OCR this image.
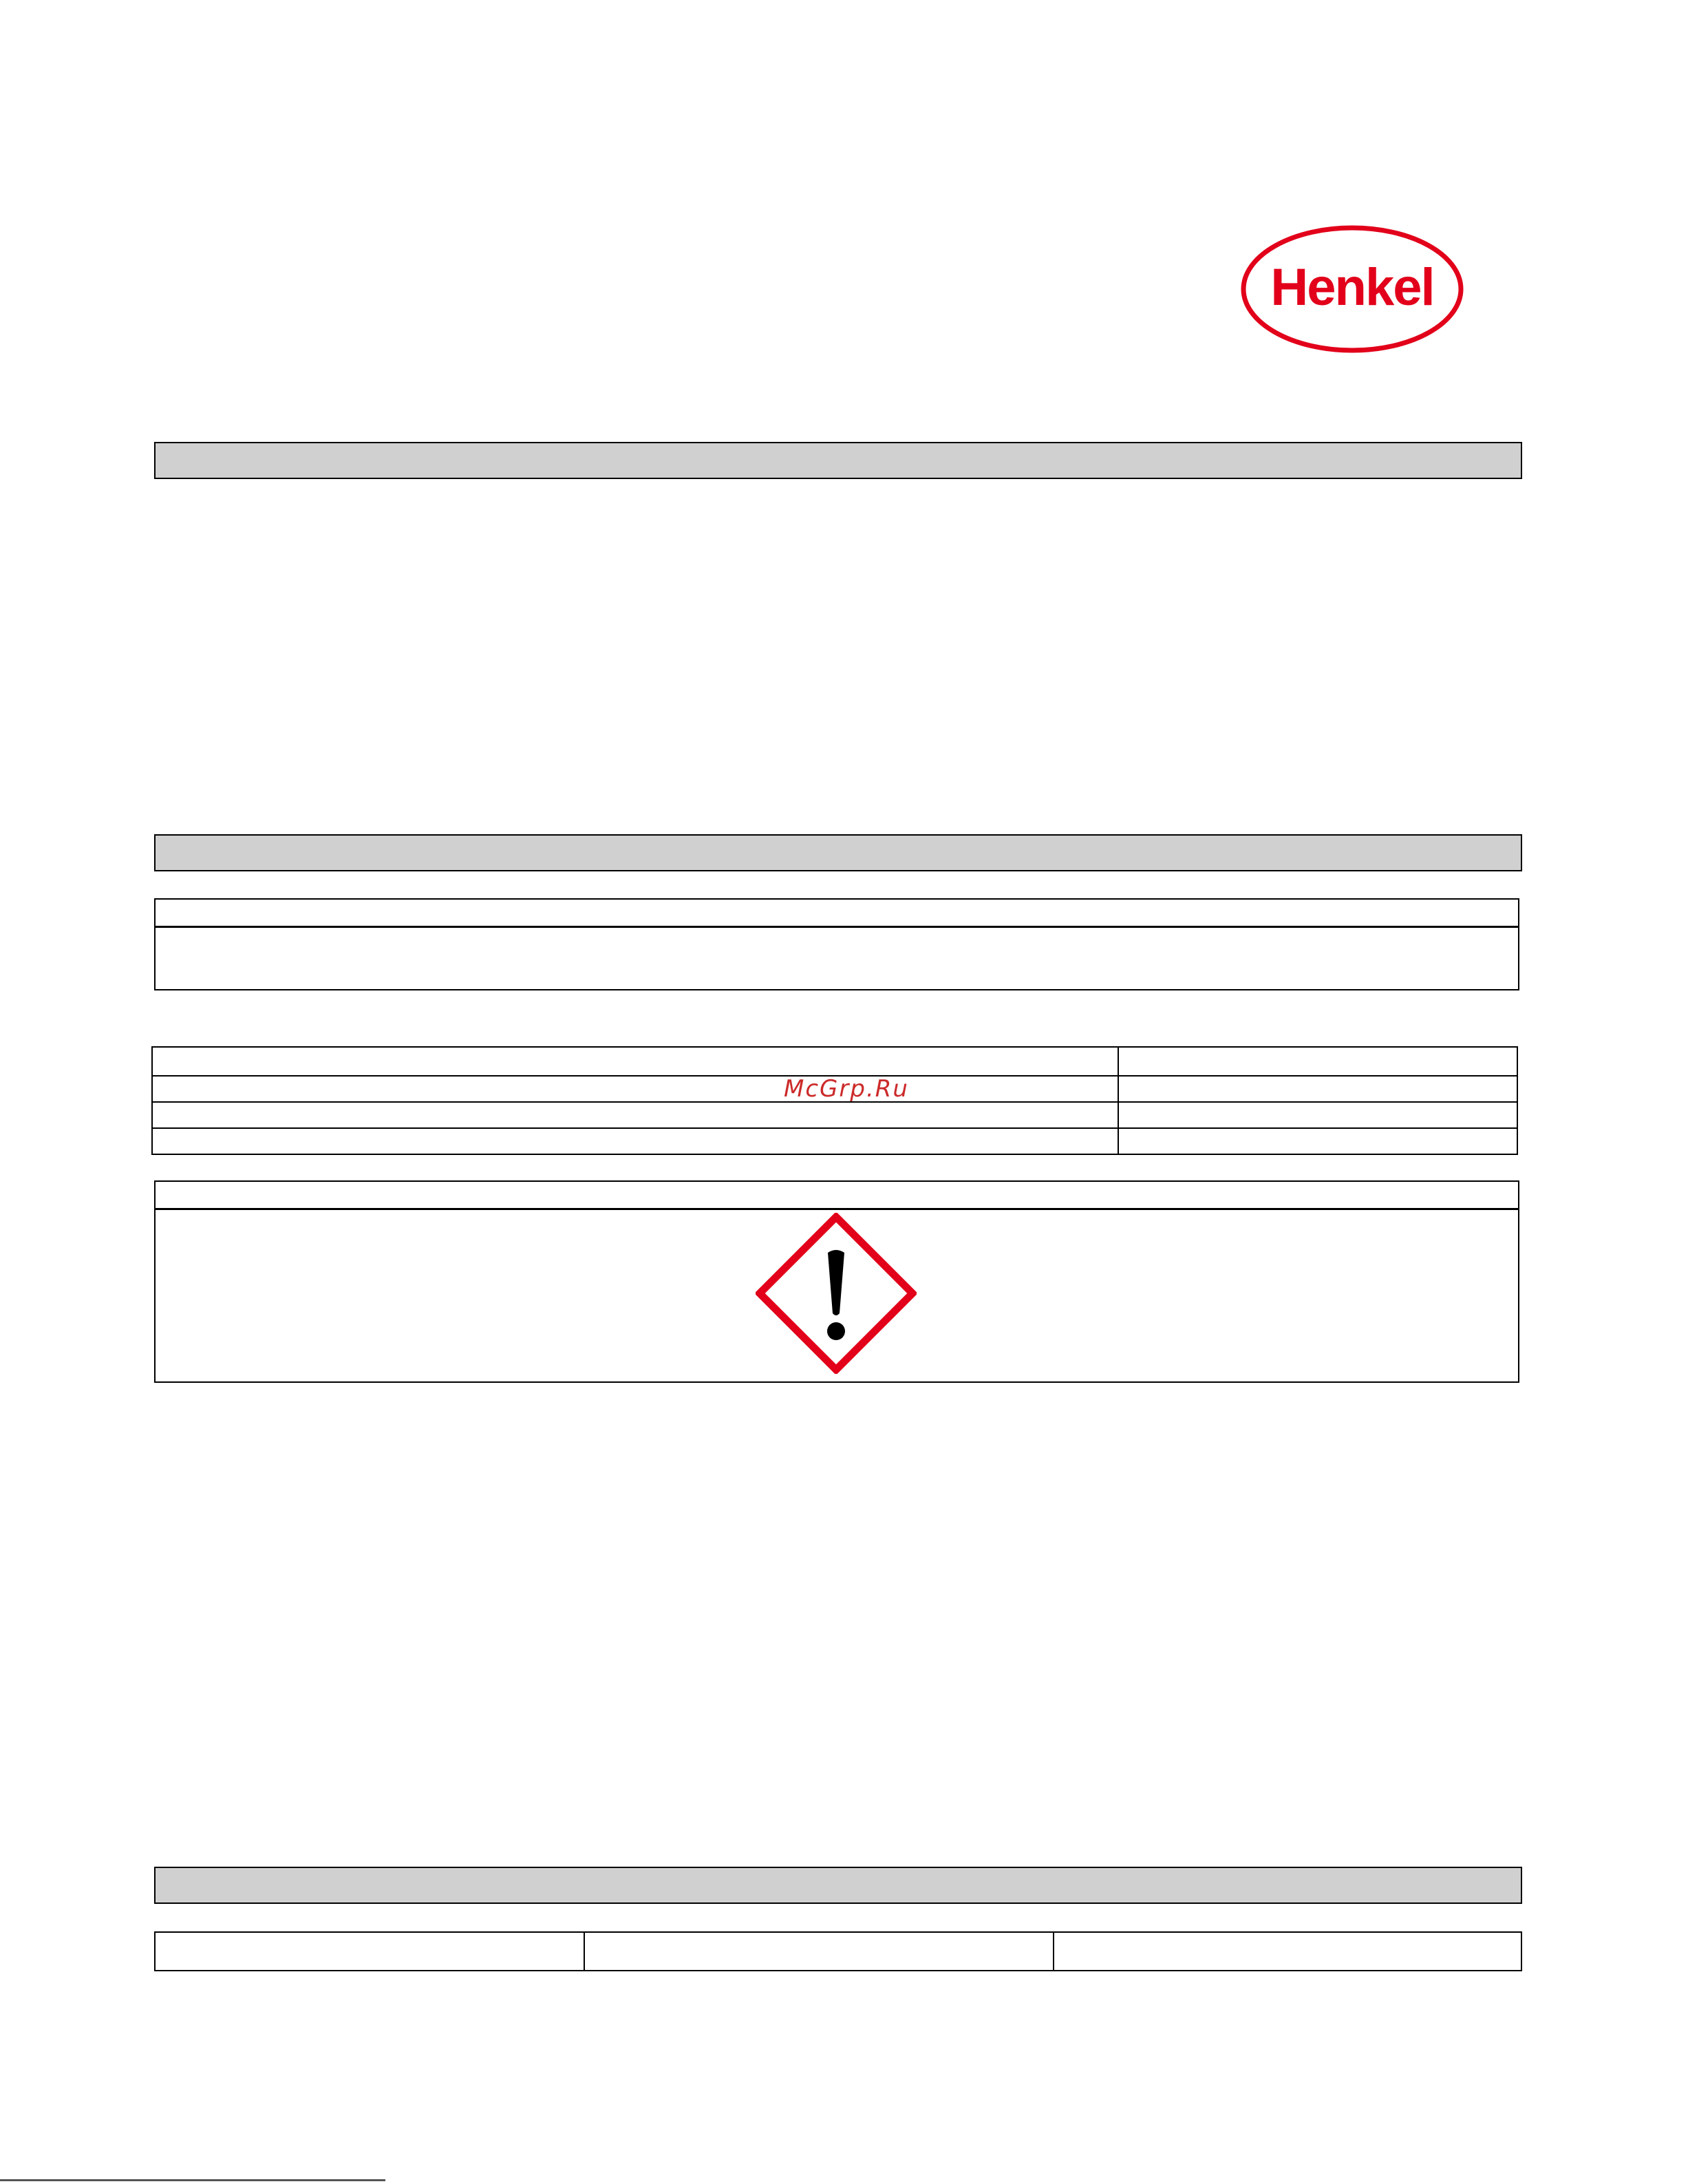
Henkel
McGrp.Ru
